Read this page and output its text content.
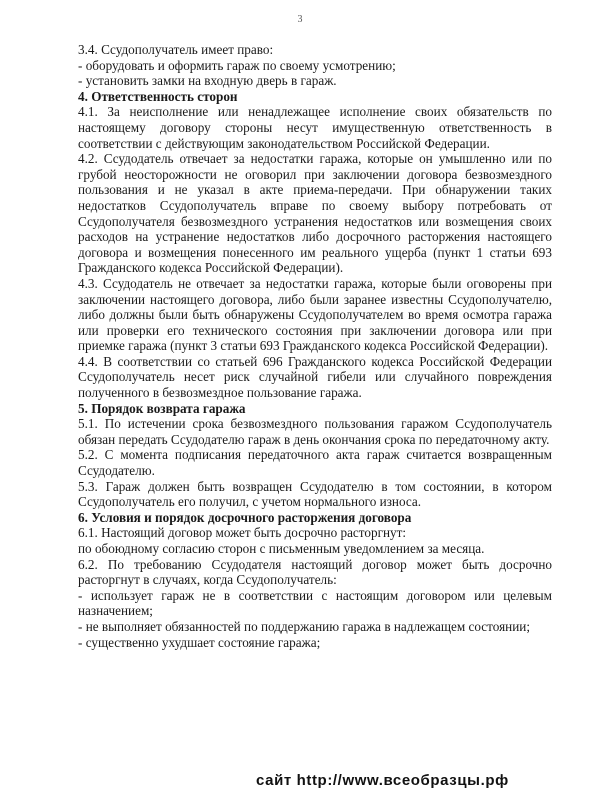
3

3.4. Ссудополучатель имеет право:

- оборудовать и оформить гараж по своему усмотрению;

- установить замки на входную дверь в гараж.

4. Ответственность сторон

4.1. За неисполнение или ненадлежащее исполнение своих обязательств по настоящему договору стороны несут имущественную ответственность в соответствии с действующим законодательством Российской Федерации.

4.2. Ссудодатель отвечает за недостатки гаража, которые он умышленно или по грубой неосторожности не оговорил при заключении договора безвозмездного пользования и не указал в акте приема-передачи. При обнаружении таких недостатков Ссудополучатель вправе по своему выбору потребовать от Ссудополучателя безвозмездного устранения недостатков или возмещения своих расходов на устранение недостатков либо досрочного расторжения настоящего договора и возмещения понесенного им реального ущерба (пункт 1 статьи 693 Гражданского кодекса Российской Федерации).

4.3. Ссудодатель не отвечает за недостатки гаража, которые были оговорены при заключении настоящего договора, либо были заранее известны Ссудополучателю, либо должны были быть обнаружены Ссудополучателем во время осмотра гаража или проверки его технического состояния при заключении договора или при приемке гаража (пункт 3 статьи 693 Гражданского кодекса Российской Федерации).

4.4. В соответствии со статьей 696 Гражданского кодекса Российской Федерации Ссудополучатель несет риск случайной гибели или случайного повреждения полученного в безвозмездное пользование гаража.

5. Порядок возврата гаража

5.1. По истечении срока безвозмездного пользования гаражом Ссудополучатель обязан передать Ссудодателю гараж в день окончания срока по передаточному акту.

5.2. С момента подписания передаточного акта гараж считается возвращенным Ссудодателю.

5.3. Гараж должен быть возвращен Ссудодателю в том состоянии, в котором Ссудополучатель его получил, с учетом нормального износа.

6. Условия и порядок досрочного расторжения договора

6.1. Настоящий договор может быть досрочно расторгнут:

по обоюдному согласию сторон с письменным уведомлением за месяца.

6.2. По требованию Ссудодателя настоящий договор может быть досрочно расторгнут в случаях, когда Ссудополучатель:

- использует гараж не в соответствии с настоящим договором или целевым назначением;

- не выполняет обязанностей по поддержанию гаража в надлежащем состоянии;

- существенно ухудшает состояние гаража;

сайт http://www.всеобразцы.рф
